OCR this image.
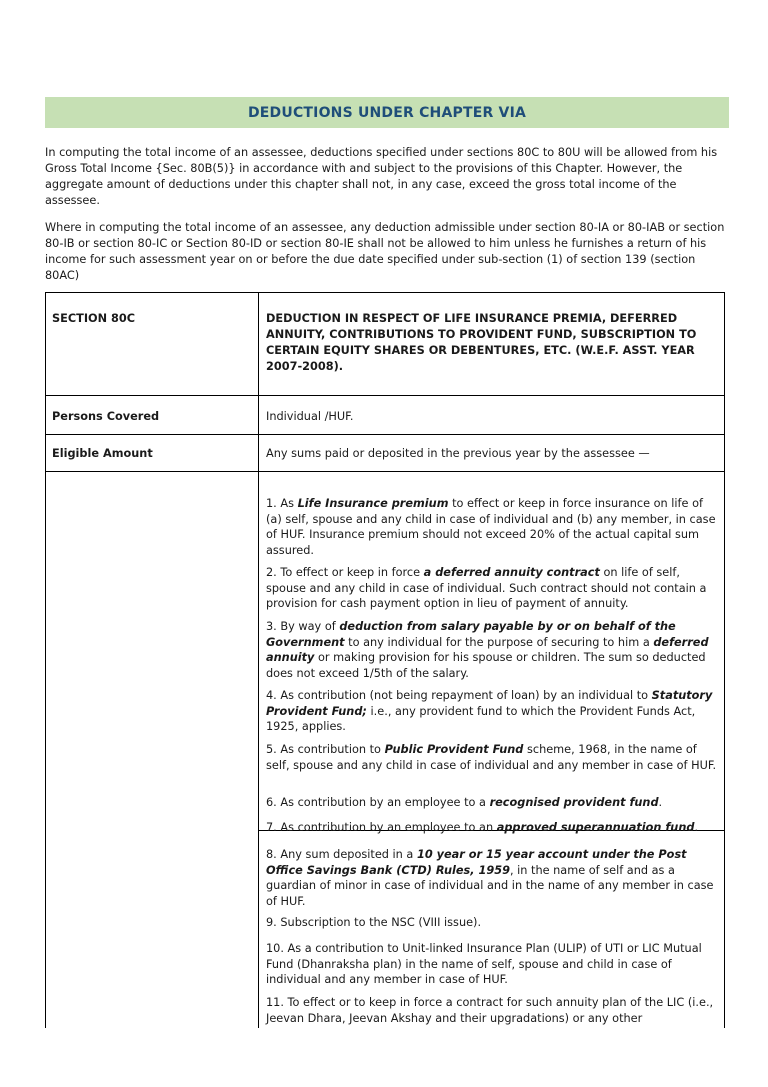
DEDUCTIONS UNDER CHAPTER VIA

In computing the total income of an assessee, deductions specified under sections 80C to 80U will be allowed from his Gross Total Income {Sec. 80B(5)} in accordance with and subject to the provisions of this Chapter. However, the aggregate amount of deductions under this chapter shall not, in any case, exceed the gross total income of the assessee.

Where in computing the total income of an assessee, any deduction admissible under section 80-IA or 80-IAB or section 80-IB or section 80-IC or Section 80-ID or section 80-IE shall not be allowed to him unless he furnishes a return of his income for such assessment year on or before the due date specified under sub-section (1) of section 139 (section 80AC)

SECTION 80C	DEDUCTION IN RESPECT OF LIFE INSURANCE PREMIA, DEFERRED ANNUITY, CONTRIBUTIONS TO PROVIDENT FUND, SUBSCRIPTION TO CERTAIN EQUITY SHARES OR DEBENTURES, ETC. (W.E.F. ASST. YEAR 2007-2008).

Persons Covered	Individual /HUF.

Eligible Amount	Any sums paid or deposited in the previous year by the assessee —

1. As Life Insurance premium to effect or keep in force insurance on life of (a) self, spouse and any child in case of individual and (b) any member, in case of HUF. Insurance premium should not exceed 20% of the actual capital sum assured.

2. To effect or keep in force a deferred annuity contract on life of self, spouse and any child in case of individual. Such contract should not contain a provision for cash payment option in lieu of payment of annuity.

3. By way of deduction from salary payable by or on behalf of the Government to any individual for the purpose of securing to him a deferred annuity or making provision for his spouse or children. The sum so deducted does not exceed 1/5th of the salary.

4. As contribution (not being repayment of loan) by an individual to Statutory Provident Fund; i.e., any provident fund to which the Provident Funds Act, 1925, applies.

5. As contribution to Public Provident Fund scheme, 1968, in the name of self, spouse and any child in case of individual and any member in case of HUF.

6. As contribution by an employee to a recognised provident fund.

7. As contribution by an employee to an approved superannuation fund.

8. Any sum deposited in a 10 year or 15 year account under the Post Office Savings Bank (CTD) Rules, 1959, in the name of self and as a guardian of minor in case of individual and in the name of any member in case of HUF.

9. Subscription to the NSC (VIII issue).

10. As a contribution to Unit-linked Insurance Plan (ULIP) of UTI or LIC Mutual Fund (Dhanraksha plan) in the name of self, spouse and child in case of individual and any member in case of HUF.

11. To effect or to keep in force a contract for such annuity plan of the LIC (i.e., Jeevan Dhara, Jeevan Akshay and their upgradations) or any other
